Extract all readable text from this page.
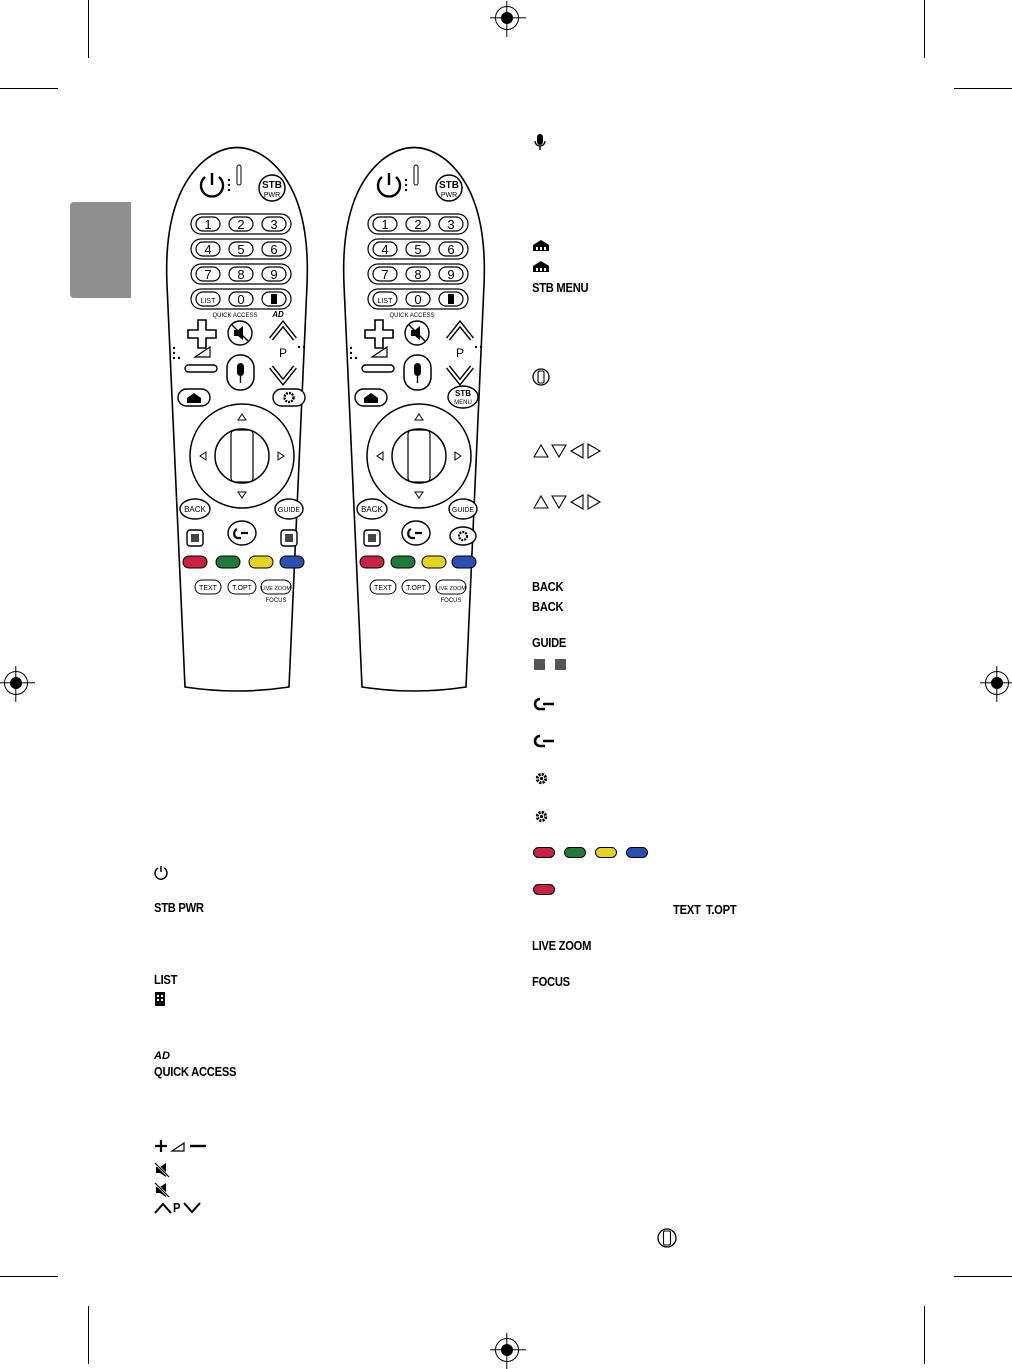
STB
PWR
1 2 3
4 5 6
7 8 9
LIST 0
QUICK ACCESS AD
P
BACK	GUIDE
TEXT T.OPT LIVE ZOOM
FOCUS
STB
PWR
1 2 3
4 5 6
7 8 9
LIST 0
QUICK ACCESS
P
STB
MENU
BACK	GUIDE
TEXT T.OPT LIVE ZOOM
FOCUS
STB PWR
LIST
AD
QUICK ACCESS
P
STB MENU
BACK
BACK
GUIDE
TEXT T.OPT
LIVE ZOOM
FOCUS
